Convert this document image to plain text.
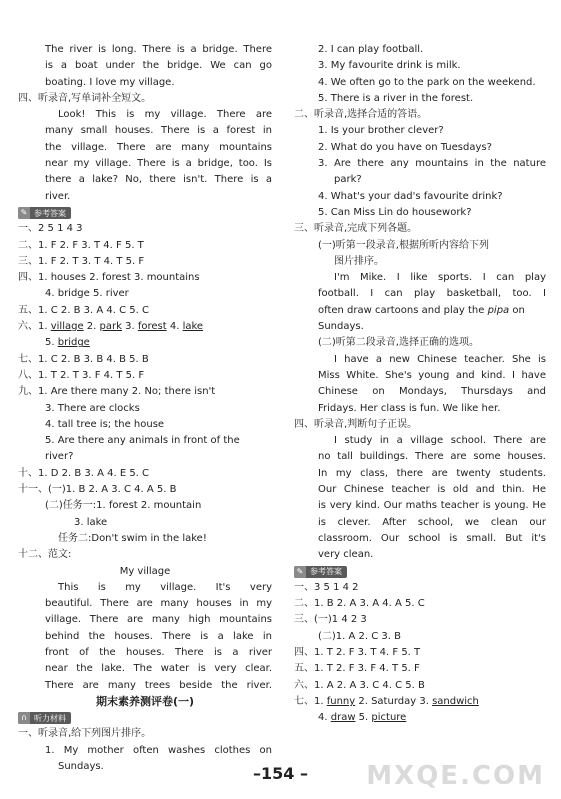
The river is long. There is a bridge. There
is a boat under the bridge. We can go
boating. I love my village.
四、听录音,写单词补全短文。
Look! This is my village. There are
many small houses. There is a forest in
the village. There are many mountains
near my village. There is a bridge, too. Is
there a lake? No, there isn't. There is a
river.
✎ 参考答案
一、2 5 1 4 3
二、1. F 2. F 3. T 4. F 5. T
三、1. F 2. T 3. T 4. T 5. F
四、1. houses 2. forest 3. mountains
4. bridge 5. river
五、1. C 2. B 3. A 4. C 5. C
六、1. village 2. park 3. forest 4. lake
5. bridge
七、1. C 2. B 3. B 4. B 5. B
八、1. T 2. T 3. F 4. T 5. F
九、1. Are there many 2. No; there isn't
3. There are clocks
4. tall tree is; the house
5. Are there any animals in front of the
river?
十、1. D 2. B 3. A 4. E 5. C
十一、(一)1. B 2. A 3. C 4. A 5. B
(二)任务一:1. forest 2. mountain
3. lake
任务二:Don't swim in the lake!
十二、范文:
My village
This is my village. It's very
beautiful. There are many houses in my
village. There are many high mountains
behind the houses. There is a lake in
front of the houses. There is a river
near the lake. The water is very clear.
There are many trees beside the river.
期末素养测评卷(一)
∩ 听力材料
一、听录音,给下列图片排序。
1. My mother often washes clothes on
Sundays.
2. I can play football.
3. My favourite drink is milk.
4. We often go to the park on the weekend.
5. There is a river in the forest.
二、听录音,选择合适的答语。
1. Is your brother clever?
2. What do you have on Tuesdays?
3. Are there any mountains in the nature
park?
4. What's your dad's favourite drink?
5. Can Miss Lin do housework?
三、听录音,完成下列各题。
(一)听第一段录音,根据所听内容给下列
图片排序。
I'm Mike. I like sports. I can play
football. I can play basketball, too. I
often draw cartoons and play the pipa on
Sundays.
(二)听第二段录音,选择正确的选项。
I have a new Chinese teacher. She is
Miss White. She's young and kind. I have
Chinese on Mondays, Thursdays and
Fridays. Her class is fun. We like her.
四、听录音,判断句子正误。
I study in a village school. There are
no tall buildings. There are some houses.
In my class, there are twenty students.
Our Chinese teacher is old and thin. He
is very kind. Our maths teacher is young. He
is clever. After school, we clean our
classroom. Our school is small. But it's
very clean.
✎ 参考答案
一、3 5 1 4 2
二、1. B 2. A 3. A 4. A 5. C
三、(一)1 4 2 3
(二)1. A 2. C 3. B
四、1. T 2. F 3. T 4. F 5. T
五、1. T 2. F 3. F 4. T 5. F
六、1. A 2. A 3. C 4. C 5. B
七、1. funny 2. Saturday 3. sandwich
4. draw 5. picture
–154 –	MXQE.COM
